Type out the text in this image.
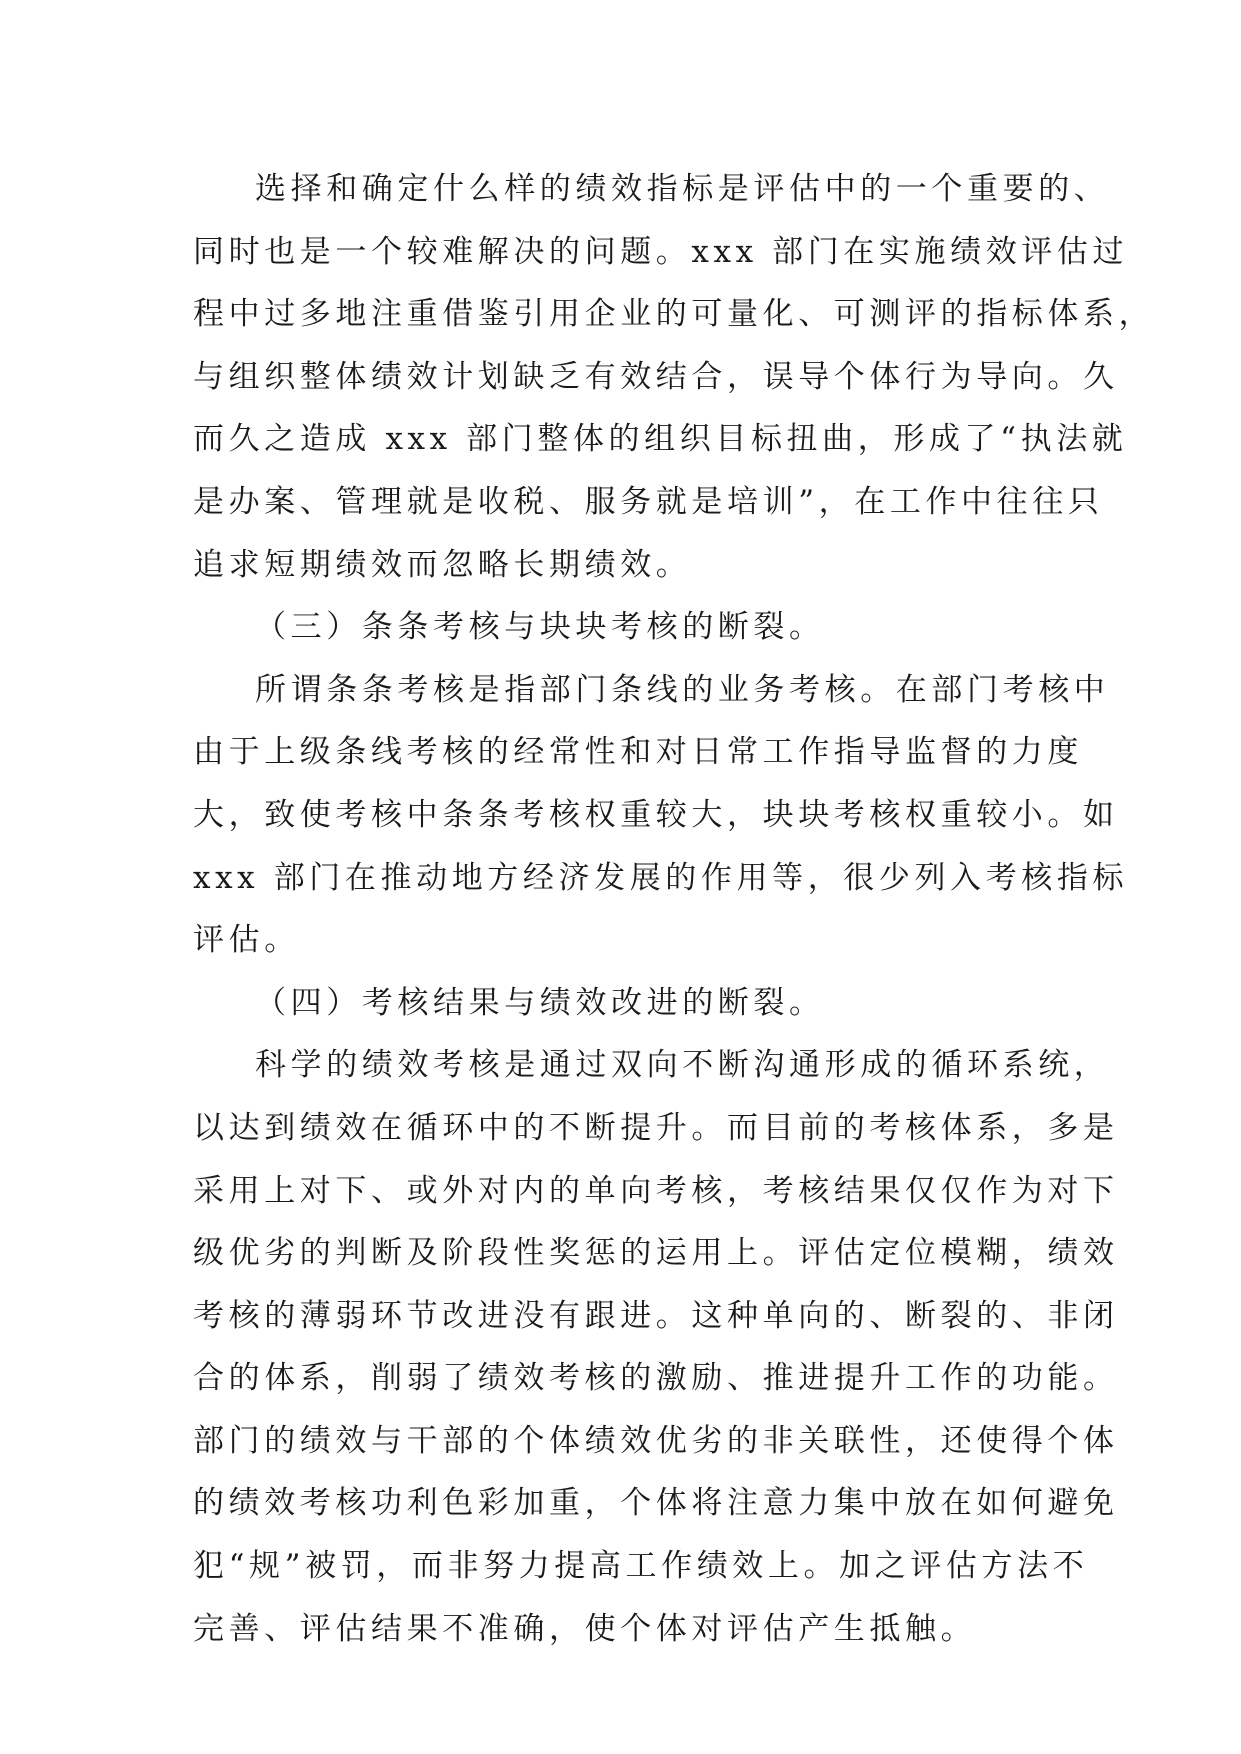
选择和确定什么样的绩效指标是评估中的一个重要的、
同时也是一个较难解决的问题。xxx 部门在实施绩效评估过
程中过多地注重借鉴引用企业的可量化、可测评的指标体系，
与组织整体绩效计划缺乏有效结合，误导个体行为导向。久
而久之造成 xxx 部门整体的组织目标扭曲，形成了“执法就
是办案、管理就是收税、服务就是培训”，在工作中往往只
追求短期绩效而忽略长期绩效。
（三）条条考核与块块考核的断裂。
所谓条条考核是指部门条线的业务考核。在部门考核中
由于上级条线考核的经常性和对日常工作指导监督的力度
大，致使考核中条条考核权重较大，块块考核权重较小。如
xxx 部门在推动地方经济发展的作用等，很少列入考核指标
评估。
（四）考核结果与绩效改进的断裂。
科学的绩效考核是通过双向不断沟通形成的循环系统，
以达到绩效在循环中的不断提升。而目前的考核体系，多是
采用上对下、或外对内的单向考核，考核结果仅仅作为对下
级优劣的判断及阶段性奖惩的运用上。评估定位模糊，绩效
考核的薄弱环节改进没有跟进。这种单向的、断裂的、非闭
合的体系，削弱了绩效考核的激励、推进提升工作的功能。
部门的绩效与干部的个体绩效优劣的非关联性，还使得个体
的绩效考核功利色彩加重，个体将注意力集中放在如何避免
犯“规”被罚，而非努力提高工作绩效上。加之评估方法不
完善、评估结果不准确，使个体对评估产生抵触。
